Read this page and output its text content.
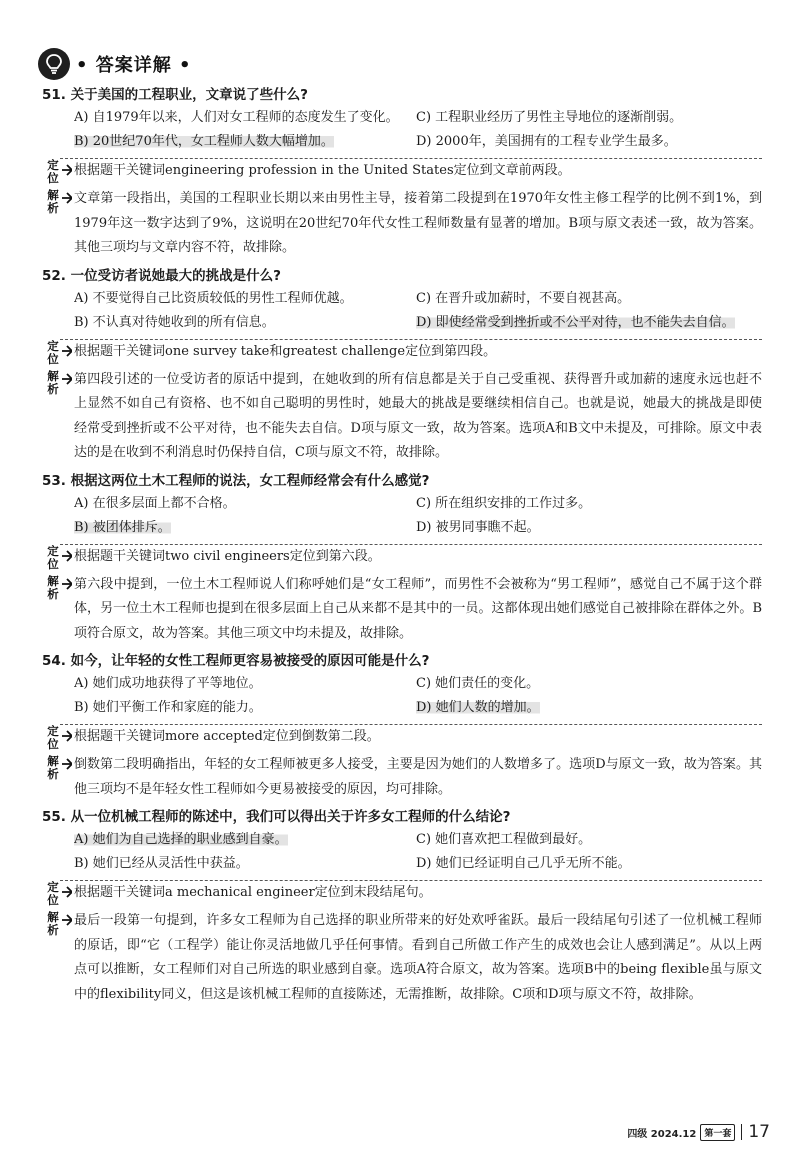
• 答案详解 •
51. 关于美国的工程职业，文章说了些什么?
A) 自1979年以来，人们对女工程师的态度发生了变化。	C) 工程职业经历了男性主导地位的逐渐削弱。
B) 20世纪70年代，女工程师人数大幅增加。	D) 2000年，美国拥有的工程专业学生最多。
定位 根据题干关键词engineering profession in the United States定位到文章前两段。
解析
文章第一段指出，美国的工程职业长期以来由男性主导，接着第二段提到在1970年女性主修工程学的比例不到1%，到1979年这一数字达到了9%，这说明在20世纪70年代女性工程师数量有显著的增加。B项与原文表述一致，故为答案。其他三项均与文章内容不符，故排除。
52. 一位受访者说她最大的挑战是什么?
A) 不要觉得自己比资质较低的男性工程师优越。	C) 在晋升或加薪时，不要自视甚高。
B) 不认真对待她收到的所有信息。	D) 即使经常受到挫折或不公平对待，也不能失去自信。
定位 根据题干关键词one survey take和greatest challenge定位到第四段。
解析
第四段引述的一位受访者的原话中提到，在她收到的所有信息都是关于自己受重视、获得晋升或加薪的速度永远也赶不上显然不如自己有资格、也不如自己聪明的男性时，她最大的挑战是要继续相信自己。也就是说，她最大的挑战是即使经常受到挫折或不公平对待，也不能失去自信。D项与原文一致，故为答案。选项A和B文中未提及，可排除。原文中表达的是在收到不利消息时仍保持自信，C项与原文不符，故排除。
53. 根据这两位土木工程师的说法，女工程师经常会有什么感觉?
A) 在很多层面上都不合格。	C) 所在组织安排的工作过多。
B) 被团体排斥。	D) 被男同事瞧不起。
定位 根据题干关键词two civil engineers定位到第六段。
解析
第六段中提到，一位土木工程师说人们称呼她们是“女工程师”，而男性不会被称为“男工程师”，感觉自己不属于这个群体，另一位土木工程师也提到在很多层面上自己从来都不是其中的一员。这都体现出她们感觉自己被排除在群体之外。B项符合原文，故为答案。其他三项文中均未提及，故排除。
54. 如今，让年轻的女性工程师更容易被接受的原因可能是什么?
A) 她们成功地获得了平等地位。	C) 她们责任的变化。
B) 她们平衡工作和家庭的能力。	D) 她们人数的增加。
定位 根据题干关键词more accepted定位到倒数第二段。
解析
倒数第二段明确指出，年轻的女工程师被更多人接受，主要是因为她们的人数增多了。选项D与原文一致，故为答案。其他三项均不是年轻女性工程师如今更易被接受的原因，均可排除。
55. 从一位机械工程师的陈述中，我们可以得出关于许多女工程师的什么结论?
A) 她们为自己选择的职业感到自豪。	C) 她们喜欢把工程做到最好。
B) 她们已经从灵活性中获益。	D) 她们已经证明自己几乎无所不能。
定位 根据题干关键词a mechanical engineer定位到末段结尾句。
解析
最后一段第一句提到，许多女工程师为自己选择的职业所带来的好处欢呼雀跃。最后一段结尾句引述了一位机械工程师的原话，即“它（工程学）能让你灵活地做几乎任何事情。看到自己所做工作产生的成效也会让人感到满足”。从以上两点可以推断，女工程师们对自己所选的职业感到自豪。选项A符合原文，故为答案。选项B中的being flexible虽与原文中的flexibility同义，但这是该机械工程师的直接陈述，无需推断，故排除。C项和D项与原文不符，故排除。
四级 2024.12 第一套 17
